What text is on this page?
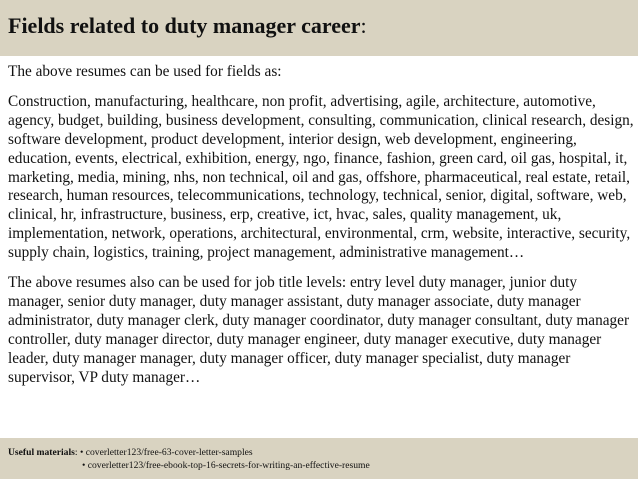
Fields related to duty manager career:

The above resumes can be used for fields as:

Construction, manufacturing, healthcare, non profit, advertising, agile, architecture, automotive, agency, budget, building, business development, consulting, communication, clinical research, design, software development, product development, interior design, web development, engineering, education, events, electrical, exhibition, energy, ngo, finance, fashion, green card, oil gas, hospital, it, marketing, media, mining, nhs, non technical, oil and gas, offshore, pharmaceutical, real estate, retail, research, human resources, telecommunications, technology, technical, senior, digital, software, web, clinical, hr, infrastructure, business, erp, creative, ict, hvac, sales, quality management, uk, implementation, network, operations, architectural, environmental, crm, website, interactive, security, supply chain, logistics, training, project management, administrative management…

The above resumes also can be used for job title levels: entry level duty manager, junior duty manager, senior duty manager, duty manager assistant, duty manager associate, duty manager administrator, duty manager clerk, duty manager coordinator, duty manager consultant, duty manager controller, duty manager director, duty manager engineer, duty manager executive, duty manager leader, duty manager manager, duty manager officer, duty manager specialist, duty manager supervisor, VP duty manager…

Useful materials: • coverletter123/free-63-cover-letter-samples
• coverletter123/free-ebook-top-16-secrets-for-writing-an-effective-resume
